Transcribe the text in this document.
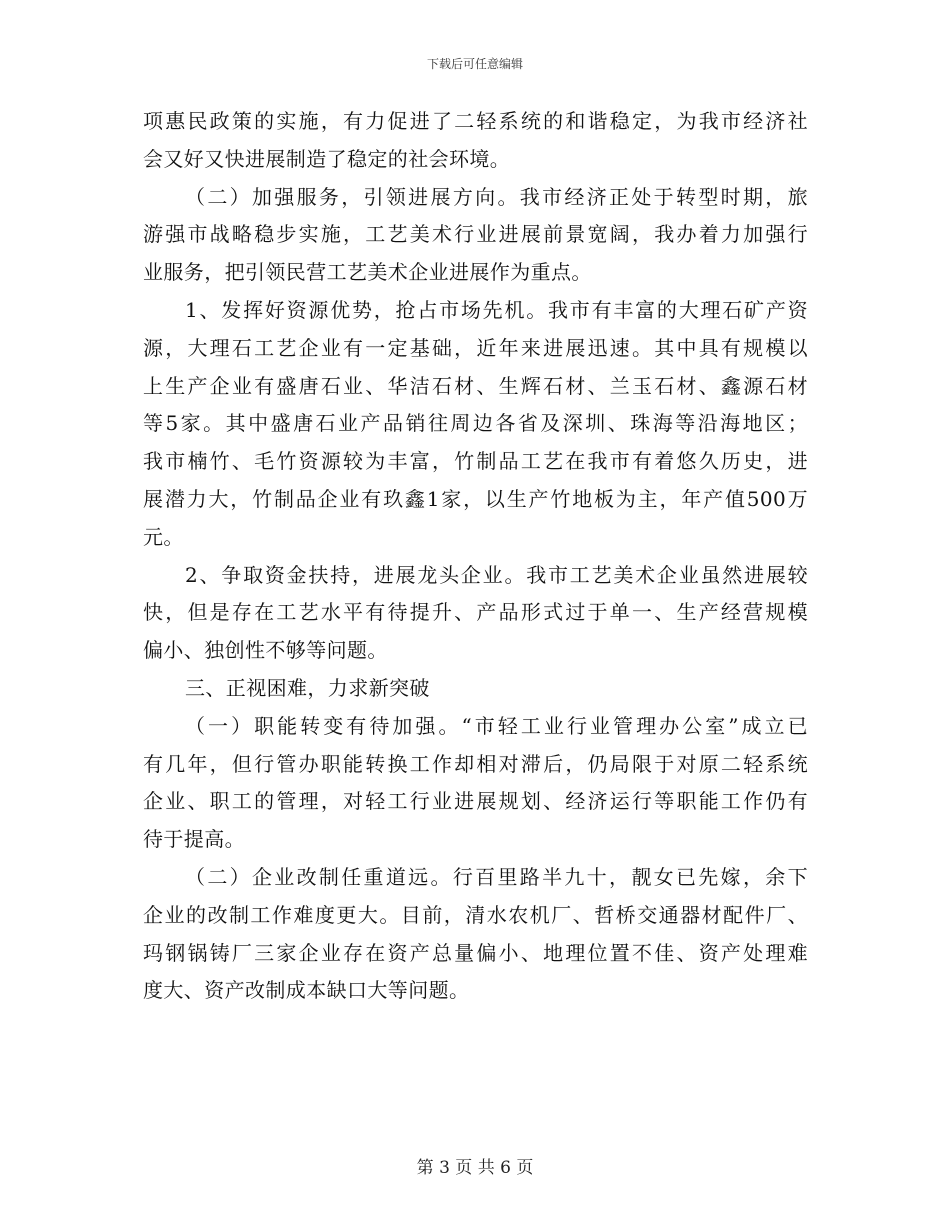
下载后可任意编辑
项惠民政策的实施，有力促进了二轻系统的和谐稳定，为我市经济社
会又好又快进展制造了稳定的社会环境。
（二）加强服务，引领进展方向。我市经济正处于转型时期，旅
游强市战略稳步实施，工艺美术行业进展前景宽阔，我办着力加强行
业服务，把引领民营工艺美术企业进展作为重点。
1、发挥好资源优势，抢占市场先机。我市有丰富的大理石矿产资
源，大理石工艺企业有一定基础，近年来进展迅速。其中具有规模以
上生产企业有盛唐石业、华洁石材、生辉石材、兰玉石材、鑫源石材
等5家。其中盛唐石业产品销往周边各省及深圳、珠海等沿海地区；
我市楠竹、毛竹资源较为丰富，竹制品工艺在我市有着悠久历史，进
展潜力大，竹制品企业有玖鑫1家，以生产竹地板为主，年产值500万
元。
2、争取资金扶持，进展龙头企业。我市工艺美术企业虽然进展较
快，但是存在工艺水平有待提升、产品形式过于单一、生产经营规模
偏小、独创性不够等问题。
三、正视困难，力求新突破
（一）职能转变有待加强。“市轻工业行业管理办公室”成立已
有几年，但行管办职能转换工作却相对滞后，仍局限于对原二轻系统
企业、职工的管理，对轻工行业进展规划、经济运行等职能工作仍有
待于提高。
（二）企业改制任重道远。行百里路半九十，靓女已先嫁，余下
企业的改制工作难度更大。目前，清水农机厂、哲桥交通器材配件厂、
玛钢锅铸厂三家企业存在资产总量偏小、地理位置不佳、资产处理难
度大、资产改制成本缺口大等问题。
第 3 页 共 6 页
